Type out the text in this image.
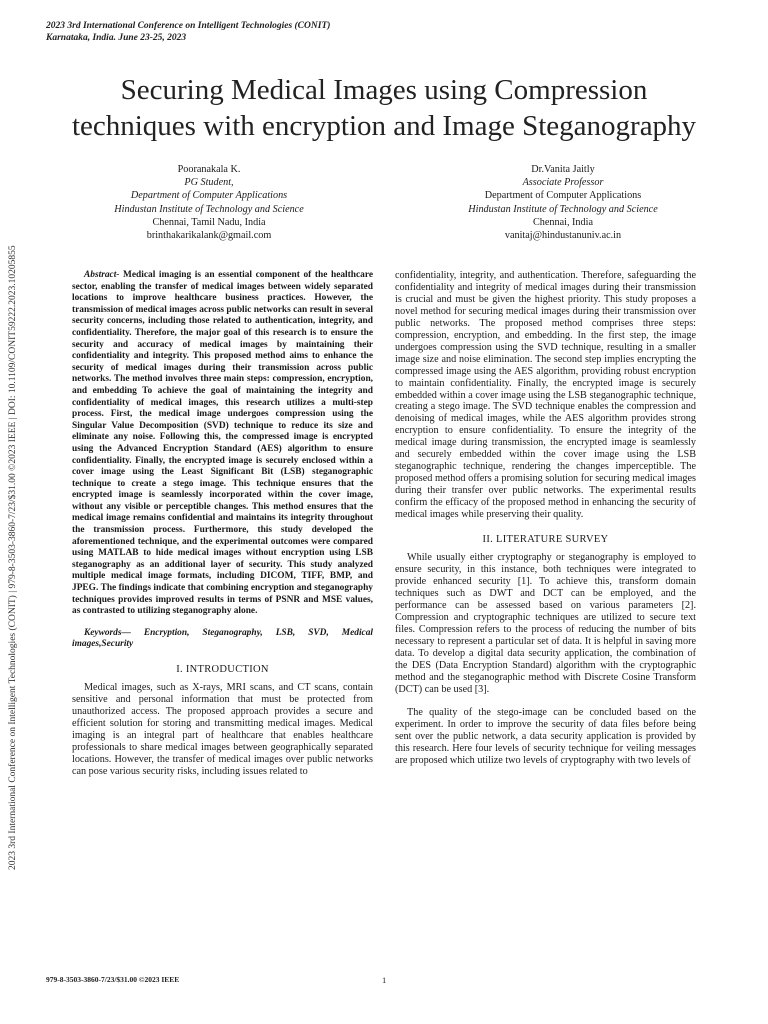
2023 3rd International Conference on Intelligent Technologies (CONIT)
Karnataka, India. June 23-25, 2023
2023 3rd International Conference on Intelligent Technologies (CONIT) | 979-8-3503-3860-7/23/$31.00 ©2023 IEEE | DOI: 10.1109/CONIT59222.2023.10205855
Securing Medical Images using Compression
techniques with encryption and Image Steganography
Pooranakala K.
PG Student,
Department of Computer Applications
Hindustan Institute of Technology and Science
Chennai, Tamil Nadu, India
brinthakarikalank@gmail.com
Dr.Vanita Jaitly
Associate Professor
Department of Computer Applications
Hindustan Institute of Technology and Science
Chennai, India
vanitaj@hindustanuniv.ac.in

Abstract- Medical imaging is an essential component of the healthcare sector, enabling the transfer of medical images between widely separated locations to improve healthcare business practices. However, the transmission of medical images across public networks can result in several security concerns, including those related to authentication, integrity, and confidentiality. Therefore, the major goal of this research is to ensure the security and accuracy of medical images by maintaining their confidentiality and integrity. This proposed method aims to enhance the security of medical images during their transmission across public networks. The method involves three main steps: compression, encryption, and embedding To achieve the goal of maintaining the integrity and confidentiality of medical images, this research utilizes a multi-step process. First, the medical image undergoes compression using the Singular Value Decomposition (SVD) technique to reduce its size and eliminate any noise. Following this, the compressed image is encrypted using the Advanced Encryption Standard (AES) algorithm to ensure confidentiality. Finally, the encrypted image is securely enclosed within a cover image using the Least Significant Bit (LSB) steganographic technique to create a stego image. This technique ensures that the encrypted image is seamlessly incorporated within the cover image, without any visible or perceptible changes. This method ensures that the medical image remains confidential and maintains its integrity throughout the transmission process. Furthermore, this study developed the aforementioned technique, and the experimental outcomes were compared using MATLAB to hide medical images without encryption using LSB steganography as an additional layer of security. This study analyzed multiple medical image formats, including DICOM, TIFF, BMP, and JPEG. The findings indicate that combining encryption and steganography techniques provides improved results in terms of PSNR and MSE values, as contrasted to utilizing steganography alone.

Keywords— Encryption, Steganography, LSB, SVD, Medical images,Security

I. INTRODUCTION

Medical images, such as X-rays, MRI scans, and CT scans, contain sensitive and personal information that must be protected from unauthorized access. The proposed approach provides a secure and efficient solution for storing and transmitting medical images. Medical imaging is an integral part of healthcare that enables healthcare professionals to share medical images between geographically separated locations. However, the transfer of medical images over public networks can pose various security risks, including issues related to

confidentiality, integrity, and authentication. Therefore, safeguarding the confidentiality and integrity of medical images during their transmission is crucial and must be given the highest priority. This study proposes a novel method for securing medical images during their transmission over public networks. The proposed method comprises three steps: compression, encryption, and embedding. In the first step, the image undergoes compression using the SVD technique, resulting in a smaller image size and noise elimination. The second step implies encrypting the compressed image using the AES algorithm, providing robust encryption to maintain confidentiality. Finally, the encrypted image is securely embedded within a cover image using the LSB steganographic technique, creating a stego image. The SVD technique enables the compression and denoising of medical images, while the AES algorithm provides strong encryption to ensure confidentiality. To ensure the integrity of the medical image during transmission, the encrypted image is seamlessly and securely embedded within the cover image using the LSB steganographic technique, rendering the changes imperceptible. The proposed method offers a promising solution for securing medical images during their transfer over public networks. The experimental results confirm the efficacy of the proposed method in enhancing the security of medical images while preserving their quality.

II. LITERATURE SURVEY

While usually either cryptography or steganography is employed to ensure security, in this instance, both techniques were integrated to provide enhanced security [1]. To achieve this, transform domain techniques such as DWT and DCT can be employed, and the performance can be assessed based on various parameters [2]. Compression and cryptographic techniques are utilized to secure text files. Compression refers to the process of reducing the number of bits necessary to represent a particular set of data. It is helpful in saving more data. To develop a digital data security application, the combination of the DES (Data Encryption Standard) algorithm with the cryptographic method and the steganographic method with Discrete Cosine Transform (DCT) can be used [3].

The quality of the stego-image can be concluded based on the experiment. In order to improve the security of data files before being sent over the public network, a data security application is provided by this research. Here four levels of security technique for veiling messages are proposed which utilize two levels of cryptography with two levels of

979-8-3503-3860-7/23/$31.00 ©2023 IEEE	1
